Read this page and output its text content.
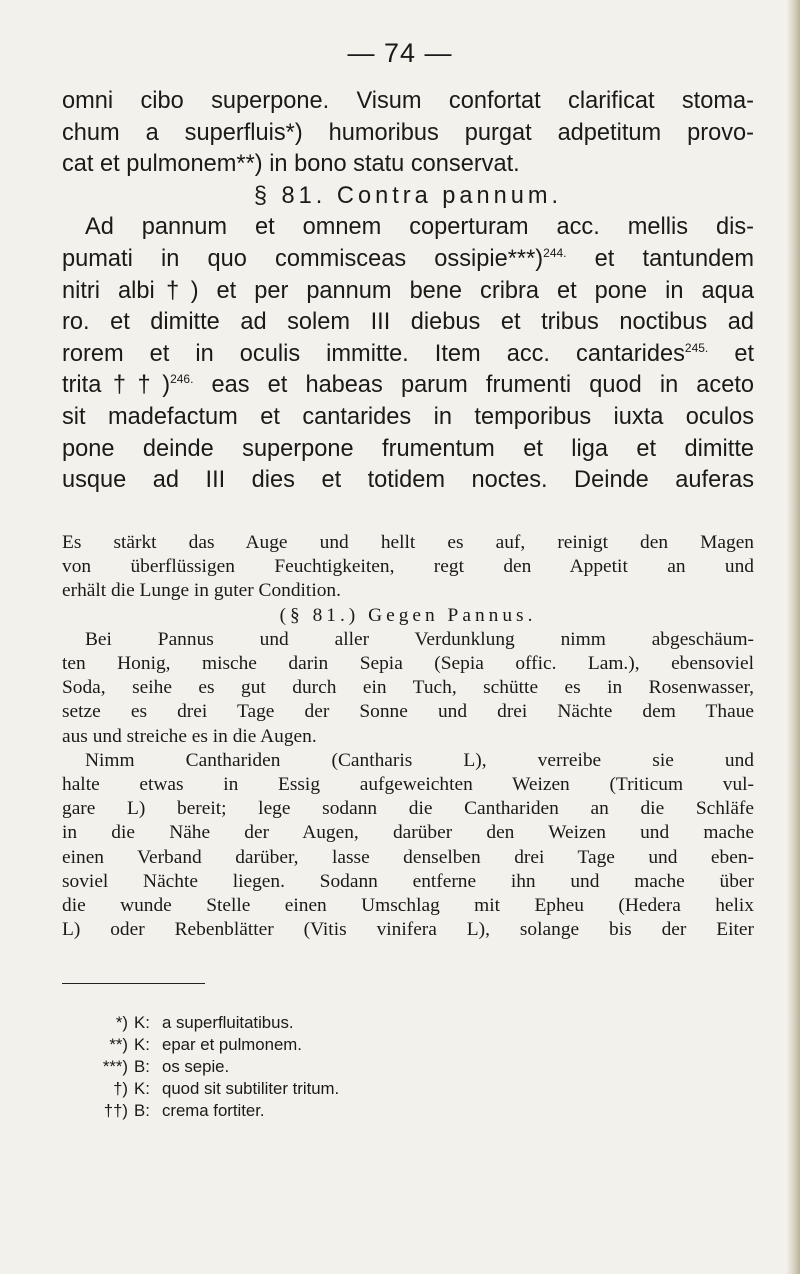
— 74 —

omni cibo superpone. Visum confortat clarificat stoma-

chum a superfluis*) humoribus purgat adpetitum provo-

cat et pulmonem**) in bono statu conservat.

§ 81. Contra pannum.

Ad pannum et omnem coperturam acc. mellis dis-

pumati in quo commisceas ossipie***)$^{244.}$ et tantundem

nitri albi†) et per pannum bene cribra et pone in aqua

ro. et dimitte ad solem III diebus et tribus noctibus ad

rorem et in oculis immitte. Item acc. cantarides$^{245.}$ et

trita††)$^{246.}$ eas et habeas parum frumenti quod in aceto

sit madefactum et cantarides in temporibus iuxta oculos

pone deinde superpone frumentum et liga et dimitte

usque ad III dies et totidem noctes. Deinde auferas

Es stärkt das Auge und hellt es auf, reinigt den Magen

von überflüssigen Feuchtigkeiten, regt den Appetit an und

erhält die Lunge in guter Condition.

(§ 81.) Gegen Pannus.

Bei Pannus und aller Verdunklung nimm abgeschäum-

ten Honig, mische darin Sepia (Sepia offic. Lam.), ebensoviel

Soda, seihe es gut durch ein Tuch, schütte es in Rosenwasser,

setze es drei Tage der Sonne und drei Nächte dem Thaue

aus und streiche es in die Augen.

Nimm Canthariden (Cantharis L), verreibe sie und

halte etwas in Essig aufgeweichten Weizen (Triticum vul-

gare L) bereit; lege sodann die Canthariden an die Schläfe

in die Nähe der Augen, darüber den Weizen und mache

einen Verband darüber, lasse denselben drei Tage und eben-

soviel Nächte liegen. Sodann entferne ihn und mache über

die wunde Stelle einen Umschlag mit Epheu (Hedera helix

L) oder Rebenblätter (Vitis vinifera L), solange bis der Eiter

*) K: a superfluitatibus.
**) K: epar et pulmonem.
***) B: os sepie.
†) K: quod sit subtiliter tritum.
††) B: crema fortiter.
